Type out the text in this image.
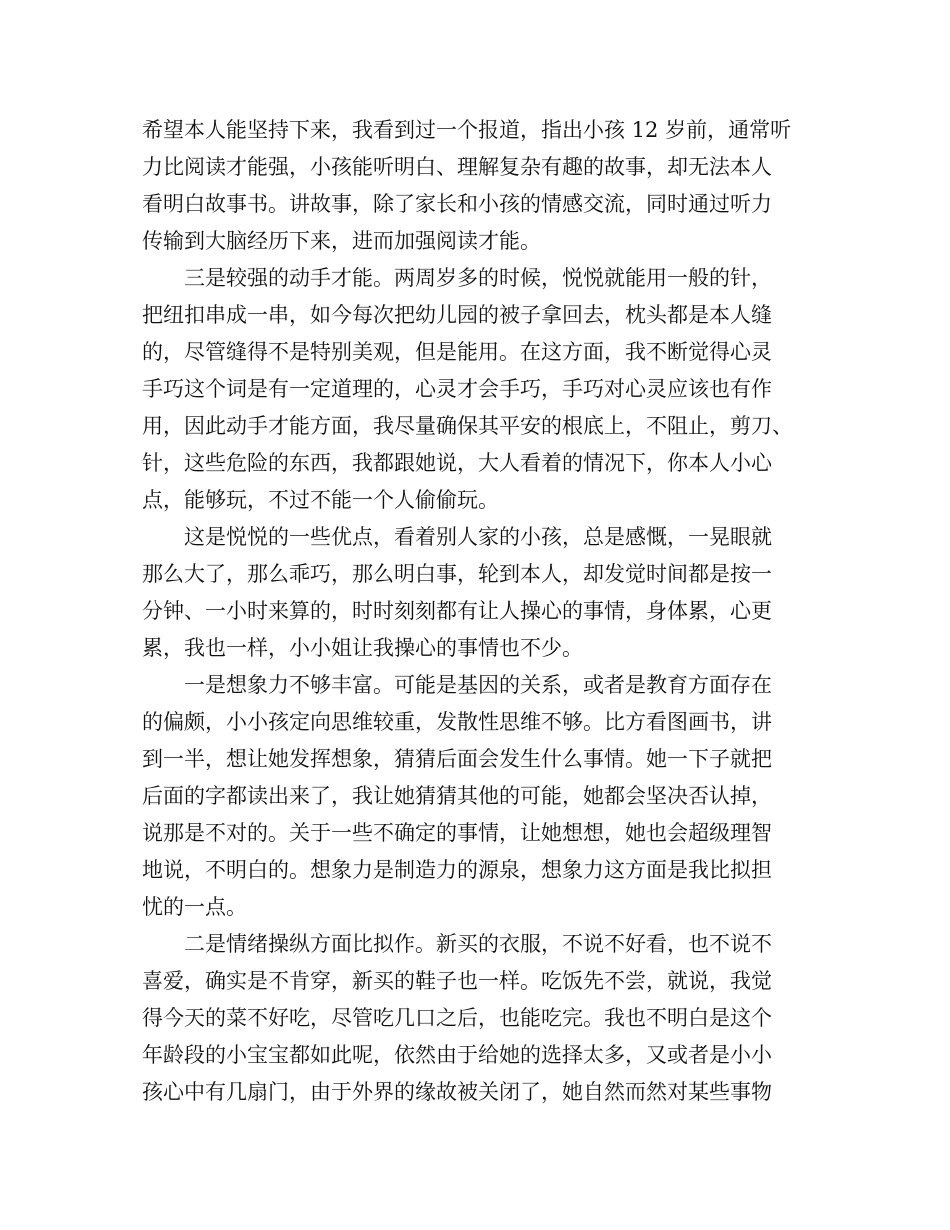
希望本人能坚持下来，我看到过一个报道，指出小孩 12 岁前，通常听
力比阅读才能强，小孩能听明白、理解复杂有趣的故事，却无法本人
看明白故事书。讲故事，除了家长和小孩的情感交流，同时通过听力
传输到大脑经历下来，进而加强阅读才能。
三是较强的动手才能。两周岁多的时候，悦悦就能用一般的针，
把纽扣串成一串，如今每次把幼儿园的被子拿回去，枕头都是本人缝
的，尽管缝得不是特别美观，但是能用。在这方面，我不断觉得心灵
手巧这个词是有一定道理的，心灵才会手巧，手巧对心灵应该也有作
用，因此动手才能方面，我尽量确保其平安的根底上，不阻止，剪刀、
针，这些危险的东西，我都跟她说，大人看着的情况下，你本人小心
点，能够玩，不过不能一个人偷偷玩。
这是悦悦的一些优点，看着别人家的小孩，总是感慨，一晃眼就
那么大了，那么乖巧，那么明白事，轮到本人，却发觉时间都是按一
分钟、一小时来算的，时时刻刻都有让人操心的事情，身体累，心更
累，我也一样，小小姐让我操心的事情也不少。
一是想象力不够丰富。可能是基因的关系，或者是教育方面存在
的偏颇，小小孩定向思维较重，发散性思维不够。比方看图画书，讲
到一半，想让她发挥想象，猜猜后面会发生什么事情。她一下子就把
后面的字都读出来了，我让她猜猜其他的可能，她都会坚决否认掉，
说那是不对的。关于一些不确定的事情，让她想想，她也会超级理智
地说，不明白的。想象力是制造力的源泉，想象力这方面是我比拟担
忧的一点。
二是情绪操纵方面比拟作。新买的衣服，不说不好看，也不说不
喜爱，确实是不肯穿，新买的鞋子也一样。吃饭先不尝，就说，我觉
得今天的菜不好吃，尽管吃几口之后，也能吃完。我也不明白是这个
年龄段的小宝宝都如此呢，依然由于给她的选择太多，又或者是小小
孩心中有几扇门，由于外界的缘故被关闭了，她自然而然对某些事物
